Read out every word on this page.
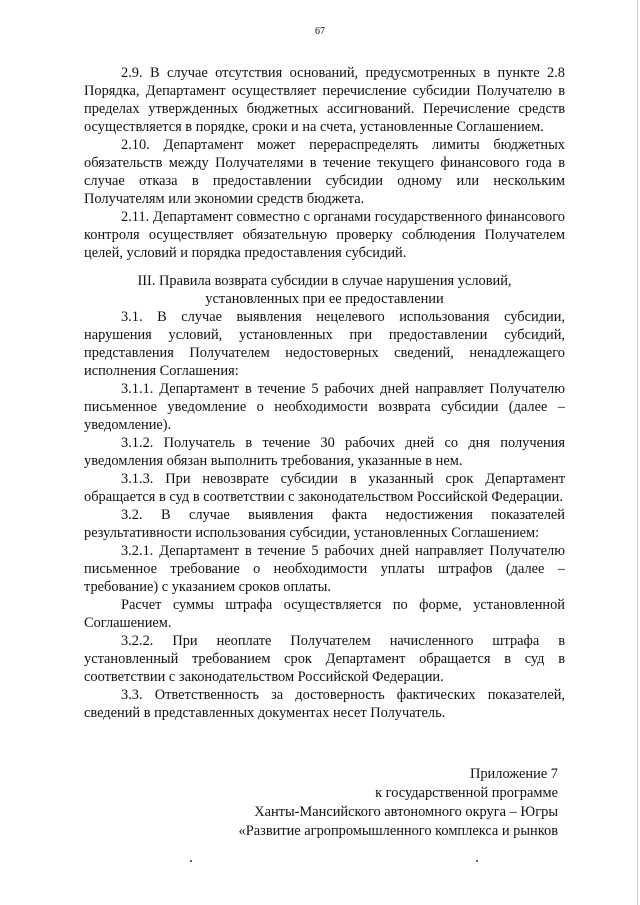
67

2.9. В случае отсутствия оснований, предусмотренных в пункте 2.8 Порядка, Департамент осуществляет перечисление субсидии Получателю в пределах утвержденных бюджетных ассигнований. Перечисление средств осуществляется в порядке, сроки и на счета, установленные Соглашением.

2.10. Департамент может перераспределять лимиты бюджетных обязательств между Получателями в течение текущего финансового года в случае отказа в предоставлении субсидии одному или нескольким Получателям или экономии средств бюджета.

2.11. Департамент совместно с органами государственного финансового контроля осуществляет обязательную проверку соблюдения Получателем целей, условий и порядка предоставления субсидий.

III. Правила возврата субсидии в случае нарушения условий,
установленных при ее предоставлении

3.1. В случае выявления нецелевого использования субсидии, нарушения условий, установленных при предоставлении субсидий, представления Получателем недостоверных сведений, ненадлежащего исполнения Соглашения:

3.1.1. Департамент в течение 5 рабочих дней направляет Получателю письменное уведомление о необходимости возврата субсидии (далее – уведомление).

3.1.2. Получатель в течение 30 рабочих дней со дня получения уведомления обязан выполнить требования, указанные в нем.

3.1.3. При невозврате субсидии в указанный срок Департамент обращается в суд в соответствии с законодательством Российской Федерации.

3.2. В случае выявления факта недостижения показателей результативности использования субсидии, установленных Соглашением:

3.2.1. Департамент в течение 5 рабочих дней направляет Получателю письменное требование о необходимости уплаты штрафов (далее – требование) с указанием сроков оплаты.

Расчет суммы штрафа осуществляется по форме, установленной Соглашением.

3.2.2. При неоплате Получателем начисленного штрафа в установленный требованием срок Департамент обращается в суд в соответствии с законодательством Российской Федерации.

3.3. Ответственность за достоверность фактических показателей, сведений в представленных документах несет Получатель.

Приложение 7
к государственной программе
Ханты-Мансийского автономного округа – Югры
«Развитие агропромышленного комплекса и рынков
